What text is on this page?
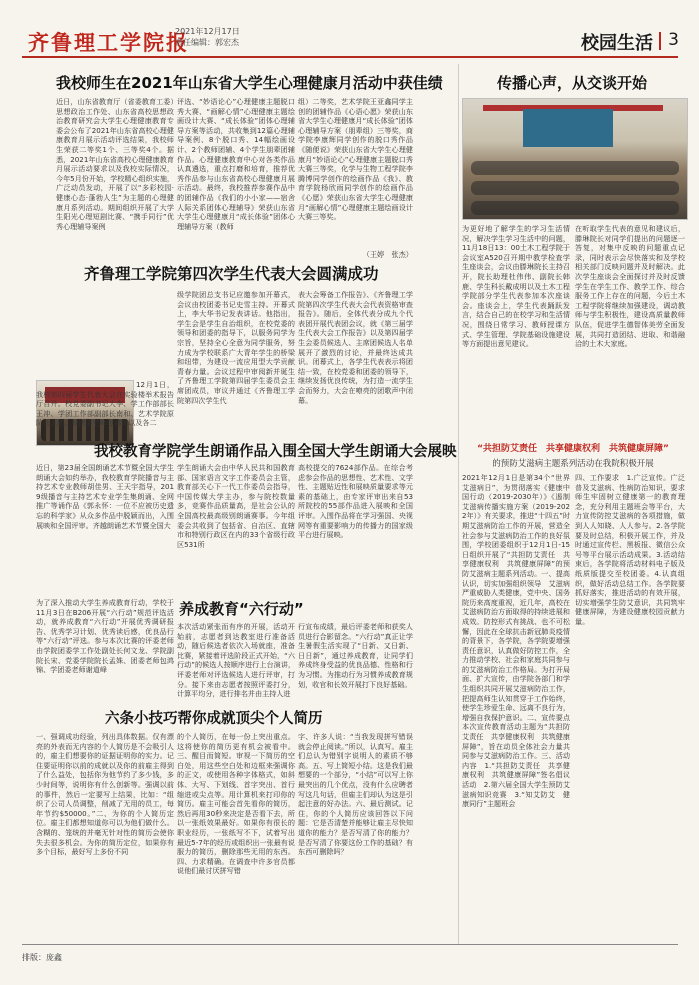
齐鲁理工学院报
2021年12月17日
责任编辑：郭宏杰	校园生活 3
我校师生在2021年山东省大学生心理健康月活动中获佳绩
近日，山东省教育厅（省委教育工委）思想政治工作处、山东省高校思想政治教育研究会大学生心理健康教育专委会公布了2021年山东省高校心理健康教育月展示活动评选结果，我校师生荣获二等奖1个、三等奖4个。据悉，2021年山东省高校心理健康教育月展示活动要求以及我校实际情况，今年5月份开始，学校精心组织实施，广泛动员发动，开展了以“多彩校园·健康心态·蓬勃人生”为主题的心理健康月系列活动。期间组织开展了大学生阳光心理短剧比赛、“携手同行”优秀心理辅导案例
评选、“妙语论心”心理健康主题脱口秀大赛、“画解心情”心理健康主题绘画设计大赛、“成长体验”团体心理辅导方案等活动，共收集到12篇心理辅导案例、8个脱口秀、14幅绘画设计、2个教师团辅、4个学生朋辈团辅作品。心理健康教育中心对各类作品认真遴选，重点打磨和培育，推荐优秀作品参与山东省高校心理健康月展示活动。最终，我校推荐参赛作品中的团辅作品《我们的小小家——宿舍人际关系团体心理辅导》荣获山东省大学生心理健康月“成长体验”团体心理辅导方案（教师
组）二等奖，艺术学院王亚鑫同学主创的团辅作品《心语心愿》荣获山东省大学生心理健康月“成长体验”团体心理辅导方案（朋辈组）三等奖，商学院李康辉同学创作的脱口秀作品《随便说》荣获山东省大学生心理健康月“妙语论心”心理健康主题脱口秀大赛三等奖，化学与生物工程学院李腾博同学创作的绘画作品《我》、教育学院杨欣雨同学创作的绘画作品《心愿》荣获山东省大学生心理健康月“画解心情”心理健康主题绘画设计大赛三等奖。
（王婷　张杰）
齐鲁理工学院第四次学生代表大会圆满成功
级学院团总支书记应邀参加开幕式，会议由校团委书记史雪主持。开幕式上，李大华书记发表讲话。他指出，学生会是学生自治组织，在校党委的领导和团委的指导下，以服务同学为宗旨，坚持全心全意为同学服务，努力成为学校联系广大青年学生的桥梁和纽带，为建设一流应用型大学贡献青春力量。会议过程中审阅新并诞生了齐鲁理工学院第四届学生委员会主席团成员，审议并通过《齐鲁理工学院第四次学生代
表大会筹备工作报告》、《齐鲁理工学院第四次学生代表大会代表资格审查报告》。随后，全体代表分成九个代表团开展代表团会议，就《第三届学生代表大会工作报告》以及第四届学生会委员候选人、主席团候选人名单展开了激烈的讨论，并最终达成共识。闭幕式上，各学生代表表示将团结一致，在校党委和团委的领导下，继续发扬优良传统，为打造一流学生会而努力，大会在嘹亮的团歌声中闭幕。
12月1日，我校第四届学生代表大会在实验楼举术报告厅召开。校党委副书记大李、学工作部部长王冲、学团工作部副部长南和、艺术学院原院长王鹏、校团委老师包鸿锦以及各二
我校教育学院学生朗诵作品入围全国大学生朗诵大会展映
近日，第23届全国朗诵艺术节暨全国大学生朗诵大会如约举办，我校教育学院播音与主持艺术专业教师胡佳男、王天宇指导，2019级播音与主持艺术专业学生集朗诵、全网推广等诵作品《郭永怀：一位不应被历史遗忘的科学家》从众多作品中脱颖而出，入围展映和全国评审。齐越朗诵艺术节暨全国大
学生朗诵大会由中华人民共和国教育部、国家语言文字工作委员会主管，教育部关心下一代工作委员会指导，中国传媒大学主办，参与院校数量多，竞赛作品质量高，是社会公认的全国高校最高级别朗诵赛事。今年组委会共收到了包括省、自治区、直辖市和特别行政区在内的33个省级行政区531所
高校提交的7624部作品。在综合考虑参会作品的思想性、艺术性、文学性、主题贴近性和展映质量要求等元素的基础上，由专家评审出来自53所院校的55部作品进入展映和全国评审。入围作品将在学习强国、央视网等有重要影响力的传播力的国家级平台进行展映。
养成教育“六行动”
为了深入推动大学生养成教育行动，学校于11月3日在B206开展“六行动”规范评选活动，就养成教育“六行动”开展优秀调研报告、优秀学习计划、优秀读后感，优良品行等“六行动”评选。参与本次比赛的评委老师由学院团委学工作处副处长何文龙、学院副院长宋、党委学院院长孟姝、团委老师包鸿锦、学团委老师谢道峰
本次活动紧张而有序的开展，活动开始前，志愿者到达教室进行准备活动，随后候选者依次入场就座，准备比赛，紧接着评选阶段正式开始，“六行动”的候选人按顺序进行上台演讲，评委老师对评选候选人进行评审，打分。接下来由志愿者按照评委打分，计算平均分，进行排名并由主持人进
行宣布成绩，最后评委老师和获奖人员进行合影留念。“六行动”真正让学生暑假生活实现了“日新、又日新、日日新”，通过养成教育，让同学们养成终身受益的优良品德、性格和行为习惯。为推动行为习惯养成教育规划，收官和长效开展打下良好基础。
六条小技巧帮你成就顶尖个人简历
一、强调成功经验，列出具体数据。仅有漂亮的外表而无内容的个人简历是不会吸引人的，雇主们想要你的证据证明你的实力。记住要证明你以前的成就以及你的前雇主得到了什么益处，包括你为他节约了多少钱，多少时间等，说明你有什么创新等。强调以前的事件，然后一定要写上结果，比如：“组织了公司人员调整，削减了无用的员工，每年节约$50000。”二、为你的个人简历定位。雇主们都想知道你可以为他们做什么。含糊的、笼统的并毫无针对性的简历会使你失去很多机会。为你的简历定位，如果你有多个目标，最好写上多份不同
的个人简历，在每一份上突出重点。这将使你的简历更有机会被看中。三、醒目而简短。审视一下简历的空白处，用这些空白处和边框来强调你的正文，或使用各种字体格式，如斜体、大写、下划线、首字突出、首行缩进或尖点等。用计算机来打印你的简历。雇主可能会首先看你的简历，然后再用30秒来决定是否看下去，所以一张纸效果最好。如果你有很长的职业经历，一张纸写不下，试着写出最近5-7年的经历或组织出一张最有说服力的简历，删除那些无用的东西。四、力求精确。在调查中许多官员都说他们最讨厌拼写错
字、许多人说：“当我发现拼写错误就会停止阅读。”所以，认真写。雇主们总认为错别字说明人的素质不够高。五、写上简短小结。这是我们最想要的一个部分，“小结”可以写上你最突出的几个优点，没有什么应聘者写这几句话，但雇主们却认为这是引起注意的好办法。六、最后测试。记住，你的个人简历应该回答以下问题：它是否清楚并能够让雇主尽快知道你的能力？是否写清了你的能力？是否写清了你要这份工作的基础？有东西可删除吗？
传播心声，从交谈开始
为更好地了解学生的学习生活情况，解决学生学习生活中的问题，11月18日13：00土木工程学院于会议室A520召开期中教学检查学生座谈会，会议由滕琳院长主持召开，院长助理杜伟伟、副院长韩鹿、学生科长戴成明以及土木工程学院部分学生代表参加本次座谈会。座谈会上，学生代表踊跃发言，结合自己的在校学习和生活情况，围绕日常学习、教师授课方式、学生管理、学院基础设施建设等方面提出意见建议。
在听取学生代表的意见和建议后，滕琳院长对同学们提出的问题逐一答复，对集中反映的问题重点记录，同时表示会尽快落实和及学校相关部门反映问题并及时解决。此次学生座谈会全面探讨并及时反馈学生在学生工作、教学工作、综合服务工作上存在的问题，今后土木工程学院将继续加强建设，调动教师与学生积极性，建设高质量教师队伍，促进学生德智体美劳全面发展，共同打造团结、进取、和谐融洽的土木大家庭。
“共担防艾责任　共享健康权利　共筑健康屏障”
的预防艾滋病主题系列活动在我院积极开展
2021年12月1日是第34个“世界艾滋病日”，为贯彻落实《健康中国行动（2019-2030年）》《遏制艾滋病传播实施方案（2019-2022年）》有关要求，推进“十四五”时期艾滋病防治工作的开展，营造全社会参与艾滋病防治工作的良好氛围，学校团委组织于12月1日-15日组织开展了“共担防艾责任　共享健康权利　共筑健康屏障”的预防艾滋病主题系列活动。一、提高认识，切实加强组织领导　艾滋病严重威胁人类健康，党中央、国务院历来高度重视，近几年，高校在艾滋病防治方面取得的持续进展和成效。防控形式有挑战、也不可松懈，因此在全球抗击新冠肺炎疫情的背景下，各学院，各学院要增强责任意识，认真做好防控工作，全力推动学校、社会和家庭共同参与的艾滋病防治工作格局。为打开局面、扩大宣传，由学院各部门和学生组织共同开展艾滋病防治工作，把提高师生认知贯穿于工作始终，使学生珍爱生命、远离不良行为，增强自我保护意识。二、宣传要点　本次宣传教育活动主题为“共担防艾责任　共享健康权利　共筑健康屏障”，旨在动员全体社会力量共同参与艾滋病防治工作。三、活动内容　1.“共担防艾责任　共享健康权利　共筑健康屏障”签名倡议活动　2.第六届全国大学生预防艾滋病知识竞赛　3.“知艾防艾　健康同行”主题班会
四、工作要求　1.广泛宣传。广泛普及艾滋病、性病防治知识，要求师生牢固树立健康第一的教育理念，充分利用主题班会等平台，大力宣传防控艾滋病的各项措施，做到人人知晓、人人参与。2.各学院要及时总结，积极开展工作，并及时通过宣传栏、黑板报、微信公众号等平台展示活动成果。3.活动结束后，各学院将活动材料电子版及纸质版提交至校团委。4.认真组织，做好活动总结工作。各学院要抓好落实，推进活动的有效开展，切实增强学生防艾意识，共同筑牢健康屏障，为建设健康校园贡献力量。
排版：庞鑫
